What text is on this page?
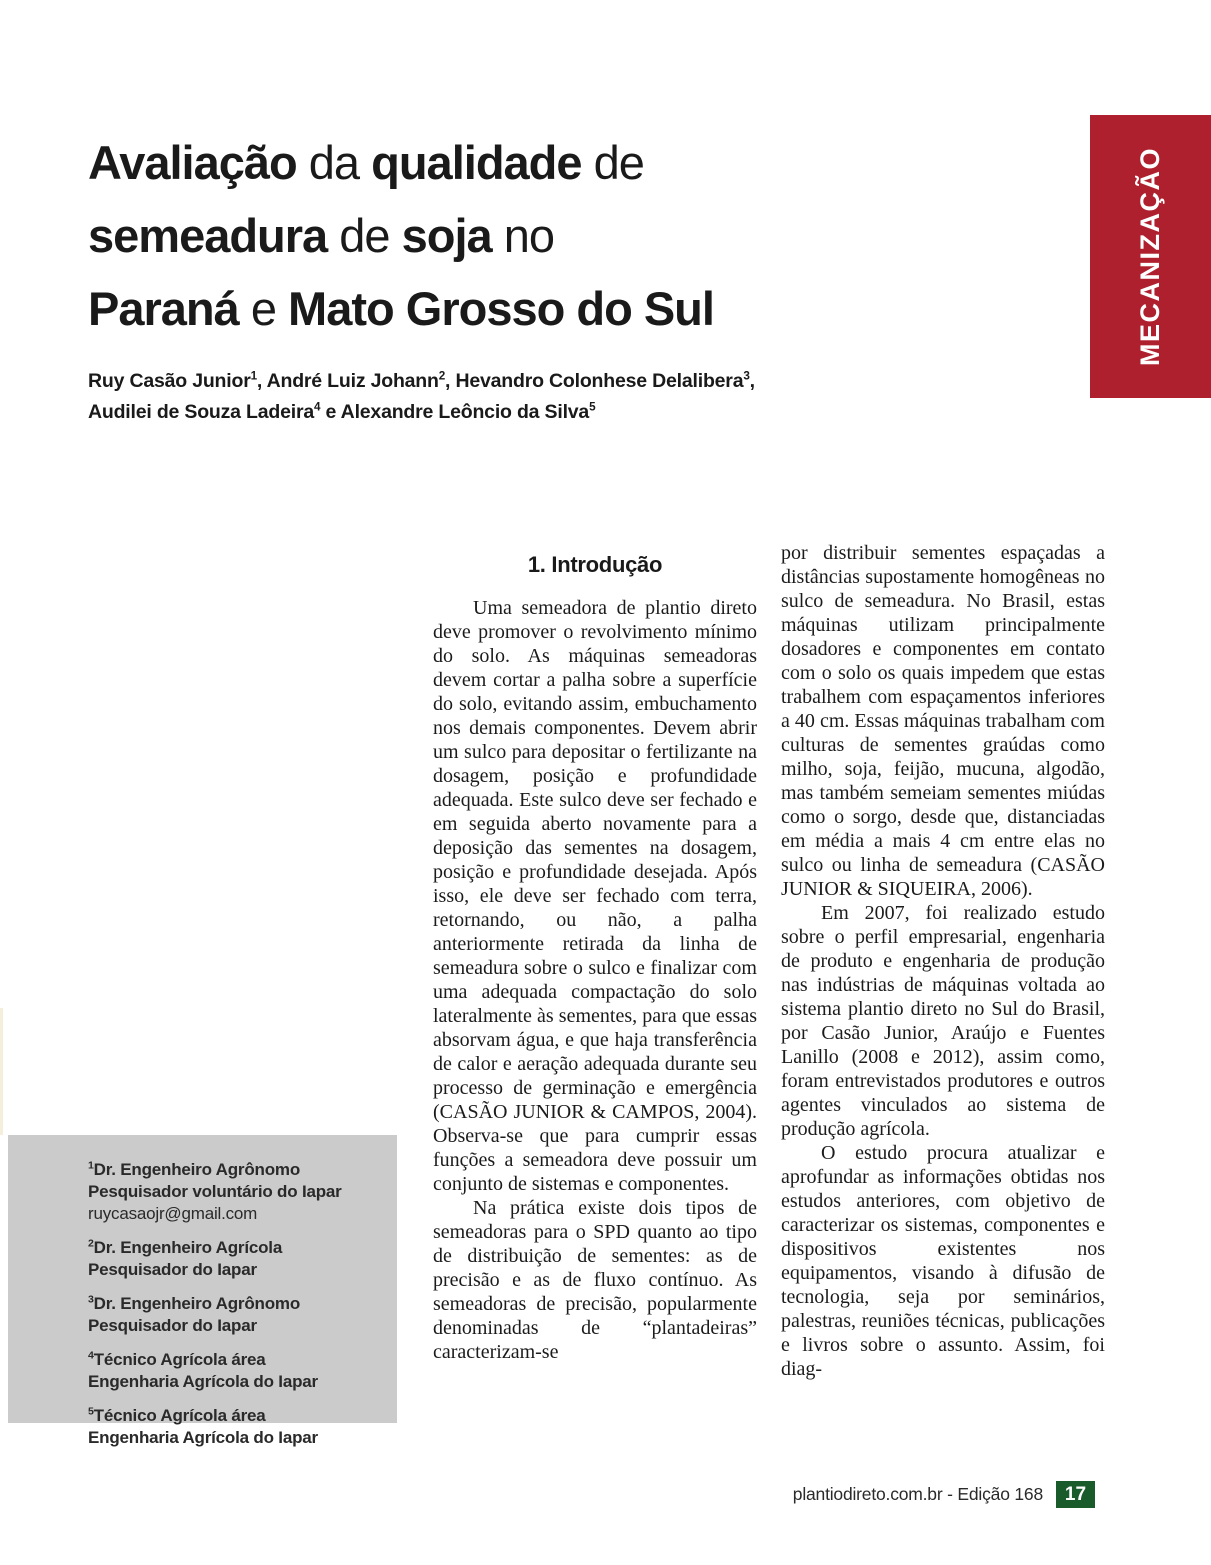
Avaliação da qualidade de
semeadura de soja no
Paraná e Mato Grosso do Sul
Ruy Casão Junior$^1$, André Luiz Johann$^2$, Hevandro Colonhese Delalibera$^3$,
Audilei de Souza Ladeira$^4$ e Alexandre Leôncio da Silva$^5$
MECANIZAÇÃO
1. Introdução

Uma semeadora de plantio direto deve promover o revolvimento mínimo do solo. As máquinas semeadoras devem cortar a palha sobre a superfície do solo, evitando assim, embuchamento nos demais componentes. Devem abrir um sulco para depositar o fertilizante na dosagem, posição e profundidade adequada. Este sulco deve ser fechado e em seguida aberto novamente para a deposição das sementes na dosagem, posição e profundidade desejada. Após isso, ele deve ser fechado com terra, retornando, ou não, a palha anteriormente retirada da linha de semeadura sobre o sulco e finalizar com uma adequada compactação do solo lateralmente às sementes, para que essas absorvam água, e que haja transferência de calor e aeração adequada durante seu processo de germinação e emergência (CASÃO JUNIOR & CAMPOS, 2004). Observa-se que para cumprir essas funções a semeadora deve possuir um conjunto de sistemas e componentes.

Na prática existe dois tipos de semeadoras para o SPD quanto ao tipo de distribuição de sementes: as de precisão e as de fluxo contínuo. As semeadoras de precisão, popularmente denominadas de “plantadeiras” caracterizam-se

por distribuir sementes espaçadas a distâncias supostamente homogêneas no sulco de semeadura. No Brasil, estas máquinas utilizam principalmente dosadores e componentes em contato com o solo os quais impedem que estas trabalhem com espaçamentos inferiores a 40 cm. Essas máquinas trabalham com culturas de sementes graúdas como milho, soja, feijão, mucuna, algodão, mas também semeiam sementes miúdas como o sorgo, desde que, distanciadas em média a mais 4 cm entre elas no sulco ou linha de semeadura (CASÃO JUNIOR & SIQUEIRA, 2006).

Em 2007, foi realizado estudo sobre o perfil empresarial, engenharia de produto e engenharia de produção nas indústrias de máquinas voltada ao sistema plantio direto no Sul do Brasil, por Casão Junior, Araújo e Fuentes Lanillo (2008 e 2012), assim como, foram entrevistados produtores e outros agentes vinculados ao sistema de produção agrícola.

O estudo procura atualizar e aprofundar as informações obtidas nos estudos anteriores, com objetivo de caracterizar os sistemas, componentes e dispositivos existentes nos equipamentos, visando à difusão de tecnologia, seja por seminários, palestras, reuniões técnicas, publicações e livros sobre o assunto. Assim, foi diag-

$^1$Dr. Engenheiro Agrônomo
Pesquisador voluntário do Iapar
ruycasaojr@gmail.com
$^2$Dr. Engenheiro Agrícola
Pesquisador do Iapar
$^3$Dr. Engenheiro Agrônomo
Pesquisador do Iapar
$^4$Técnico Agrícola área
Engenharia Agrícola do Iapar
$^5$Técnico Agrícola área
Engenharia Agrícola do Iapar
plantiodireto.com.br - Edição 168 17
